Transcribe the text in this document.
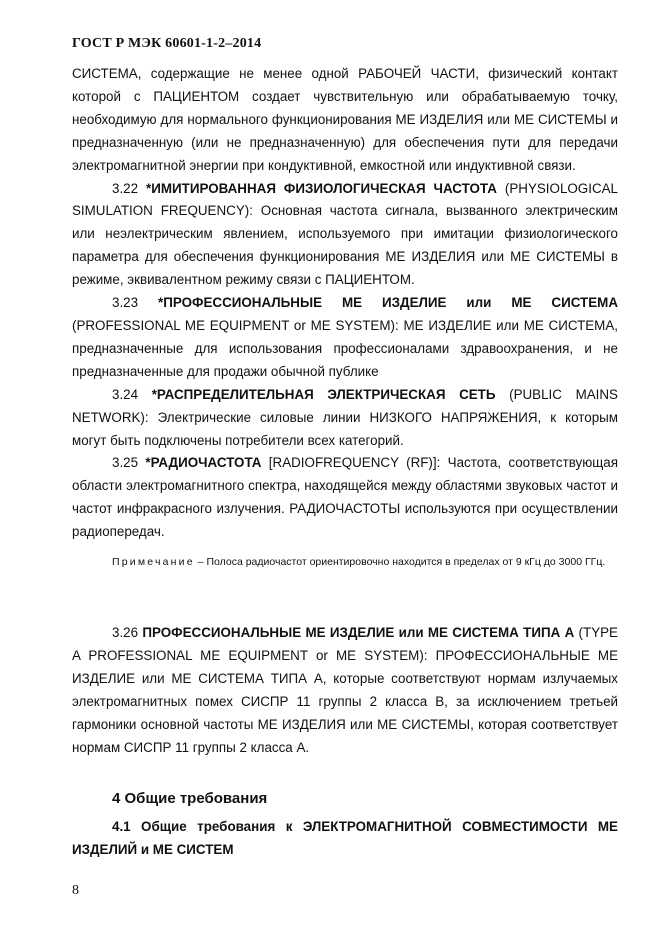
ГОСТ Р МЭК 60601-1-2–2014

СИСТЕМА, содержащие не менее одной РАБОЧЕЙ ЧАСТИ, физический контакт которой с ПАЦИЕНТОМ создает чувствительную или обрабатываемую точку, необходимую для нормального функционирования МЕ ИЗДЕЛИЯ или МЕ СИСТЕМЫ и предназначенную (или не предназначенную) для обеспечения пути для передачи электромагнитной энергии при кондуктивной, емкостной или индуктивной связи.

3.22 *ИМИТИРОВАННАЯ ФИЗИОЛОГИЧЕСКАЯ ЧАСТОТА (PHYSIOLOGICAL SIMULATION FREQUENCY): Основная частота сигнала, вызванного электрическим или неэлектрическим явлением, используемого при имитации физиологического параметра для обеспечения функционирования МЕ ИЗДЕЛИЯ или МЕ СИСТЕМЫ в режиме, эквивалентном режиму связи с ПАЦИЕНТОМ.

3.23 *ПРОФЕССИОНАЛЬНЫЕ МЕ ИЗДЕЛИЕ или МЕ СИСТЕМА (PROFESSIONAL ME EQUIPMENT or ME SYSTEM): МЕ ИЗДЕЛИЕ или МЕ СИСТЕМА, предназначенные для использования профессионалами здравоохранения, и не предназначенные для продажи обычной публике

3.24 *РАСПРЕДЕЛИТЕЛЬНАЯ ЭЛЕКТРИЧЕСКАЯ СЕТЬ (PUBLIC MAINS NETWORK): Электрические силовые линии НИЗКОГО НАПРЯЖЕНИЯ, к которым могут быть подключены потребители всех категорий.

3.25 *РАДИОЧАСТОТА [RADIOFREQUENCY (RF)]: Частота, соответствующая области электромагнитного спектра, находящейся между областями звуковых частот и частот инфракрасного излучения. РАДИОЧАСТОТЫ используются при осуществлении радиопередач.

Примечание – Полоса радиочастот ориентировочно находится в пределах от 9 кГц до 3000 ГГц.

3.26 ПРОФЕССИОНАЛЬНЫЕ МЕ ИЗДЕЛИЕ или МЕ СИСТЕМА ТИПА А (TYPE A PROFESSIONAL ME EQUIPMENT or ME SYSTEM): ПРОФЕССИОНАЛЬНЫЕ МЕ ИЗДЕЛИЕ или МЕ СИСТЕМА ТИПА А, которые соответствуют нормам излучаемых электромагнитных помех СИСПР 11 группы 2 класса В, за исключением третьей гармоники основной частоты МЕ ИЗДЕЛИЯ или МЕ СИСТЕМЫ, которая соответствует нормам СИСПР 11 группы 2 класса А.

4 Общие требования

4.1 Общие требования к ЭЛЕКТРОМАГНИТНОЙ СОВМЕСТИМОСТИ МЕ ИЗДЕЛИЙ и МЕ СИСТЕМ

8
